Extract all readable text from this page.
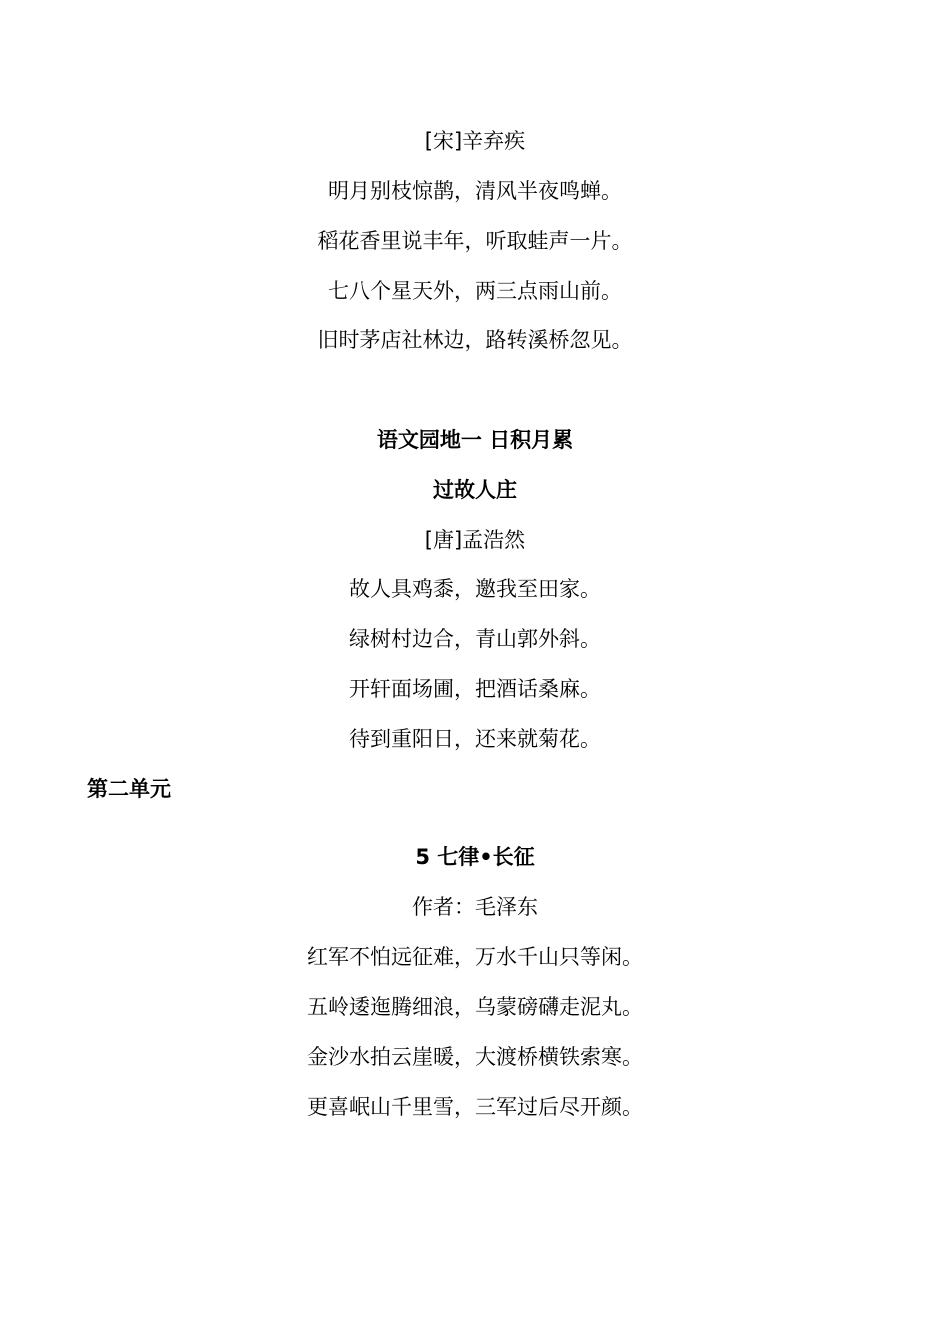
[宋]辛弃疾
明月别枝惊鹊，清风半夜鸣蝉。
稻花香里说丰年，听取蛙声一片。
七八个星天外，两三点雨山前。
旧时茅店社林边，路转溪桥忽见。
语文园地一 日积月累
过故人庄
[唐]孟浩然
故人具鸡黍，邀我至田家。
绿树村边合，青山郭外斜。
开轩面场圃，把酒话桑麻。
待到重阳日，还来就菊花。
第二单元
5 七律•长征
作者：毛泽东
红军不怕远征难，万水千山只等闲。
五岭逶迤腾细浪，乌蒙磅礴走泥丸。
金沙水拍云崖暖，大渡桥横铁索寒。
更喜岷山千里雪，三军过后尽开颜。
